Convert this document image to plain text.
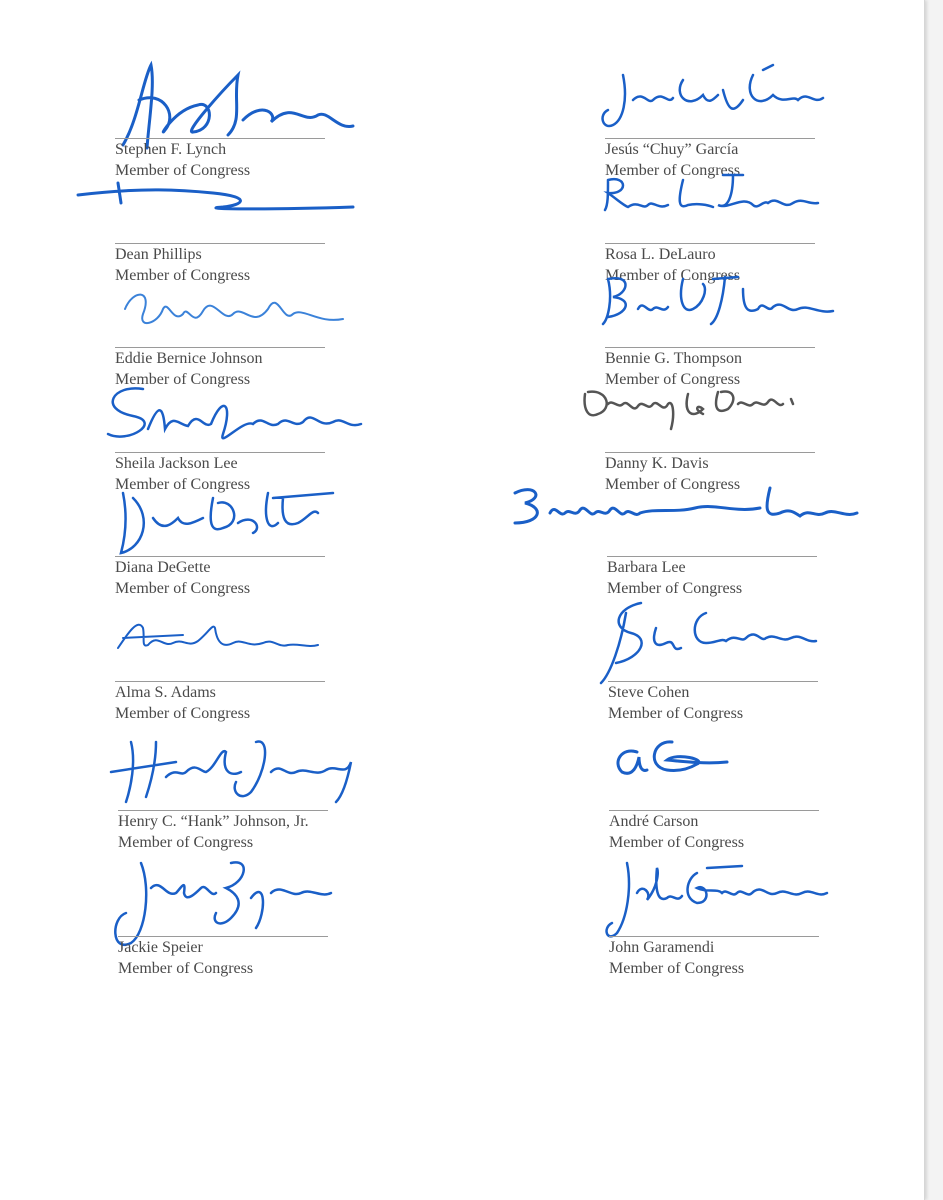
Stephen F. Lynch
Member of Congress
Dean Phillips
Member of Congress
Eddie Bernice Johnson
Member of Congress
Sheila Jackson Lee
Member of Congress
Diana DeGette
Member of Congress
Alma S. Adams
Member of Congress
Henry C. “Hank” Johnson, Jr.
Member of Congress
Jackie Speier
Member of Congress
Jesús “Chuy” García
Member of Congress
Rosa L. DeLauro
Member of Congress
Bennie G. Thompson
Member of Congress
Danny K. Davis
Member of Congress
Barbara Lee
Member of Congress
Steve Cohen
Member of Congress
André Carson
Member of Congress
John Garamendi
Member of Congress
